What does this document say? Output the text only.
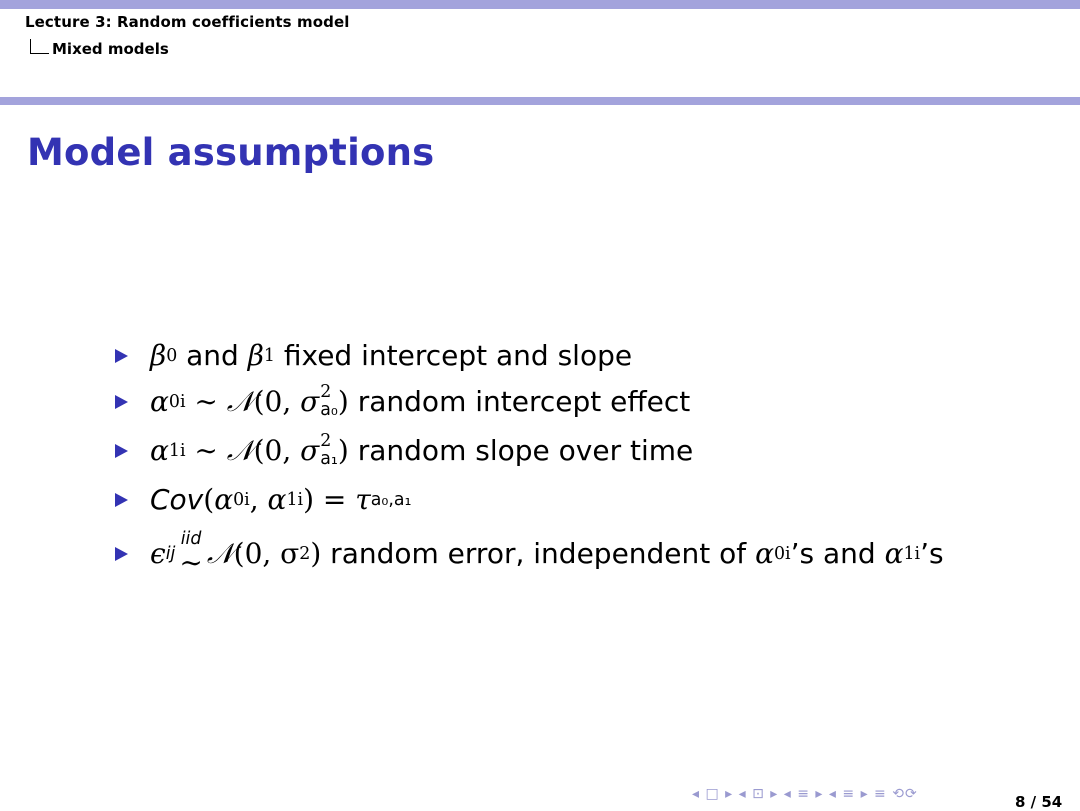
Lecture 3: Random coefficients model
Mixed models
Model assumptions
β 0 and β 1 fixed intercept and slope
α 0i ∼ 𝒩 (0, σ 2
a₀ ) random intercept effect
α 1i ∼ 𝒩 (0, σ 2
a₁ ) random slope over time
Cov ( α 0i , α 1i ) = τ a₀,a₁
ϵ ij
iid
∼ 𝒩 (0, σ 2 ) random error, independent of α 0i ’s and α 1i ’s
◂ □ ▸ ◂ ⊡ ▸ ◂ ≡ ▸ ◂ ≡ ▸ ≡ ⟲⟳	8 / 54
